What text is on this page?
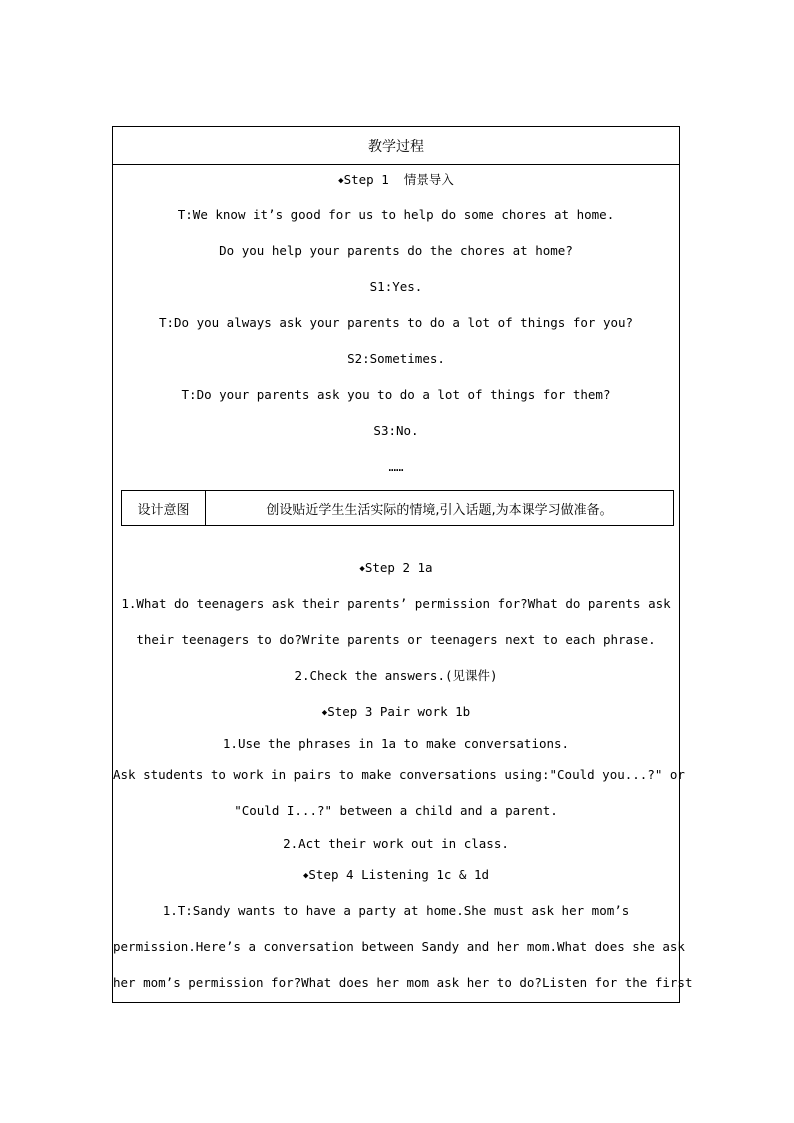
教学过程
◆Step 1 情景导入
T:We know it’s good for us to help do some chores at home.
Do you help your parents do the chores at home?
S1:Yes.
T:Do you always ask your parents to do a lot of things for you?
S2:Sometimes.
T:Do your parents ask you to do a lot of things for them?
S3:No.
……
设计意图	创设贴近学生生活实际的情境,引入话题,为本课学习做准备。
◆Step 2 1a
1.What do teenagers ask their parents’ permission for?What do parents ask
their teenagers to do?Write parents or teenagers next to each phrase.
2.Check the answers.(见课件)
◆Step 3 Pair work 1b
1.Use the phrases in 1a to make conversations.
Ask students to work in pairs to make conversations using:"Could you...?" or
"Could I...?" between a child and a parent.
2.Act their work out in class.
◆Step 4 Listening 1c & 1d
1.T:Sandy wants to have a party at home.She must ask her mom’s
permission.Here’s a conversation between Sandy and her mom.What does she ask
her mom’s permission for?What does her mom ask her to do?Listen for the first
